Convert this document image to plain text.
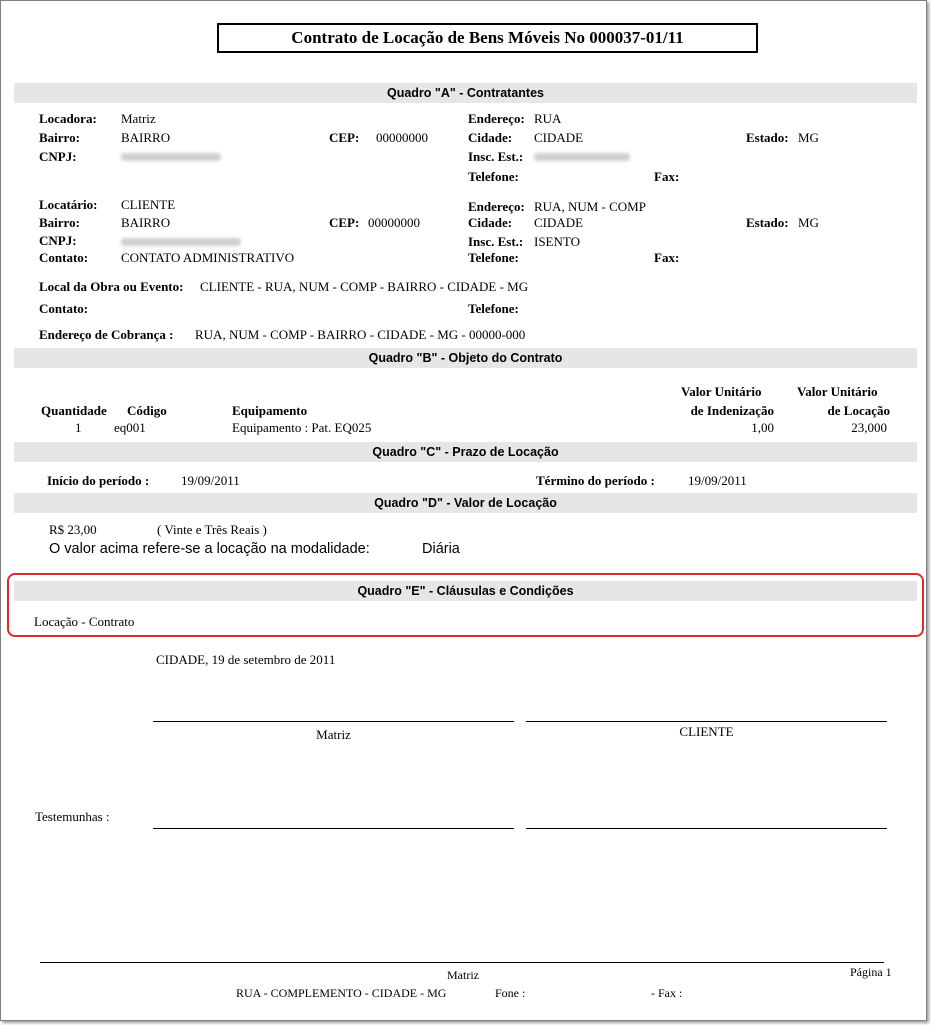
Contrato de Locação de Bens Móveis No 000037-01/11
Quadro "A" - Contratantes
Locadora: Matriz
Bairro:	BAIRRO	CEP: 00000000
CNPJ:
Endereço: RUA
Cidade: CIDADE	Estado: MG
Insc. Est.:
Telefone:	Fax:
Locatário: CLIENTE
Bairro:	BAIRRO	CEP: 00000000
CNPJ:
Contato:	CONTATO ADMINISTRATIVO
Endereço: RUA, NUM - COMP
Cidade: CIDADE	Estado: MG
Insc. Est.: ISENTO
Telefone:	Fax:
Local da Obra ou Evento: CLIENTE - RUA, NUM - COMP - BAIRRO - CIDADE - MG
Contato:	Telefone:
Endereço de Cobrança : RUA, NUM - COMP - BAIRRO - CIDADE - MG - 00000-000
Quadro "B" - Objeto do Contrato
Valor Unitário	Valor Unitário
Quantidade Código	Equipamento	de Indenização	de Locação
1	eq001	Equipamento : Pat. EQ025	1,00	23,000
Quadro "C" - Prazo de Locação
Início do período : 19/09/2011	Término do período :	19/09/2011
Quadro "D" - Valor de Locação
R$ 23,00	( Vinte e Três Reais )
O valor acima refere-se a locação na modalidade:	Diária
Quadro "E" - Cláusulas e Condições
Locação - Contrato
CIDADE, 19 de setembro de 2011
Matriz	CLIENTE
Testemunhas :
Matriz
RUA - COMPLEMENTO - CIDADE - MG	Fone :	- Fax :
Página 1
